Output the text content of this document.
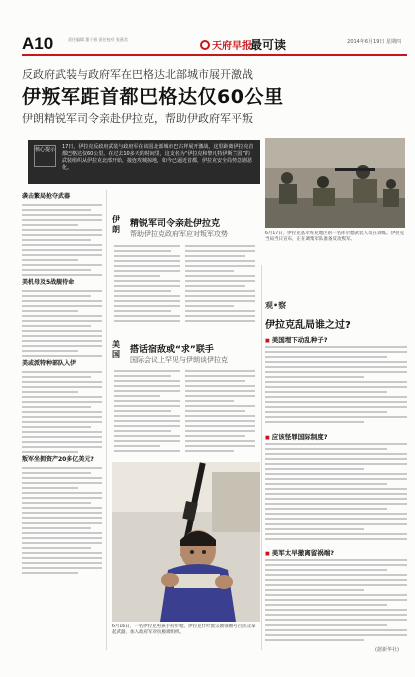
A10	责任编辑 董子春 责任校对 张燕君
天府早报
最可读	2014年6月19日 星期四
反政府武装与政府军在巴格达北部城市展开激战
伊叛军距首都巴格达仅60公里
伊朗精锐军司令亲赴伊拉克，帮助伊政府军平叛
核心提示 17日，伊拉克反政府武装与政府军在该国北部城市巴古拜展开激战，这里距离伊拉克首都巴格达仅60公里。在过去10多天的时间里，这支名为“伊拉克和黎凡特伊斯兰国”的武装组织从伊拉克北部开始，接连攻城掠地，如今已逼近首都，伊拉克安全局势急剧恶化。
6月17日，伊拉克基尔库克地区的一名库尔德武装人员在训练。伊拉克当局当日宣布，正在调集军队准备反攻叛军。
袭击繁局抢夺武器
美机母及5战舰待命
美或派特种部队入伊
叛军坐拥资产20多亿美元?
伊朗
精锐军司令亲赴伊拉克
帮助伊拉克政府军应对叛军攻势
美国 搭话宿敌或“求”联手
国际会议上罕见与伊朗谈伊拉克
6月16日，一名伊拉克男孩手持步枪。伊拉克什叶派宗教领袖号召民众拿起武器，加入政府军对抗极端组织。
观•察
伊拉克乱局谁之过?
■ 美国埋下动乱种子?
■ 应该怪罪国际制度?
■ 美军太早撤离留祸端?
(据新华社)
